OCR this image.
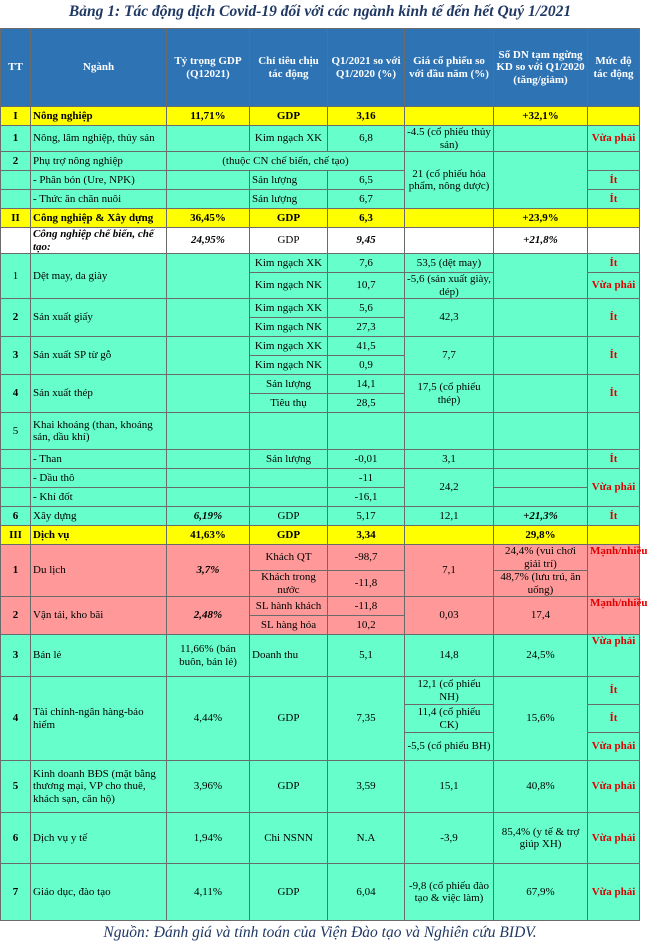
Bảng 1: Tác động dịch Covid-19 đối với các ngành kinh tế đến hết Quý 1/2021
TT	Ngành	Tỷ trọng GDP (Q12021)	Chỉ tiêu chịu tác động	Q1/2021 so với Q1/2020 (%)	Giá cổ phiếu so với đầu năm (%)	Số DN tạm ngừng KD so với Q1/2020 (tăng/giảm)	Mức độ tác động
I	Nông nghiệp	11,71%	GDP	3,16		+32,1%	
1	Nông, lâm nghiệp, thủy sản		Kim ngạch XK	6,8	-4.5 (cổ phiếu thủy sản)		Vừa phải
2	Phụ trợ nông nghiệp	(thuộc CN chế biến, chế tạo)			21 (cổ phiếu hóa phẩm, nông dược)		
	- Phân bón (Ure, NPK)		Sản lượng	6,5			Ít
	- Thức ăn chăn nuôi		Sản lượng	6,7			Ít
II	Công nghiệp & Xây dựng	36,45%	GDP	6,3		+23,9%	
	Công nghiệp chế biến, chế tạo:	24,95%	GDP	9,45		+21,8%	
1	Dệt may, da giày		Kim ngạch XK	7,6	53,5 (dệt may)		Ít
			Kim ngạch NK	10,7	-5,6 (sản xuất giày, dép)		Vừa phải
2	Sản xuất giấy		Kim ngạch XK	5,6	42,3		Ít
			Kim ngạch NK	27,3			
3	Sản xuất SP từ gỗ		Kim ngạch XK	41,5	7,7		Ít
			Kim ngạch NK	0,9			
4	Sản xuất thép		Sản lượng	14,1	17,5 (cổ phiếu thép)		Ít
			Tiêu thụ	28,5			
5	Khai khoáng (than, khoáng sản, dầu khí)						
	- Than		Sản lượng	-0,01	3,1		Ít
	- Dầu thô			-11	24,2		Vừa phải
	- Khí đốt			-16,1			
6	Xây dựng	6,19%	GDP	5,17	12,1	+21,3%	Ít
III	Dịch vụ	41,63%	GDP	3,34		29,8%	
1	Du lịch	3,7%	Khách QT	-98,7	7,1	24,4% (vui chơi giải trí)	Mạnh/nhiều
			Khách trong nước	-11,8		48,7% (lưu trú, ăn uống)	
2	Vận tải, kho bãi	2,48%	SL hành khách	-11,8	0,03	17,4	Mạnh/nhiều
			SL hàng hóa	10,2			
3	Bán lẻ	11,66% (bán buôn, bán lẻ)	Doanh thu	5,1	14,8	24,5%	Vừa phải
4	Tài chính-ngân hàng-bảo hiểm	4,44%	GDP	7,35	12,1 (cổ phiếu NH)	15,6%	Ít
					11,4 (cổ phiếu CK)		Ít
					-5,5 (cổ phiếu BH)		Vừa phải
5	Kinh doanh BĐS (mặt bằng thương mại, VP cho thuê, khách sạn, căn hộ)	3,96%	GDP	3,59	15,1	40,8%	Vừa phải
6	Dịch vụ y tế	1,94%	Chi NSNN	N.A	-3,9	85,4% (y tế & trợ giúp XH)	Vừa phải
7	Giáo dục, đào tạo	4,11%	GDP	6,04	-9,8 (cổ phiếu đào tạo & việc làm)	67,9%	Vừa phải
Nguồn: Đánh giá và tính toán của Viện Đào tạo và Nghiên cứu BIDV.
